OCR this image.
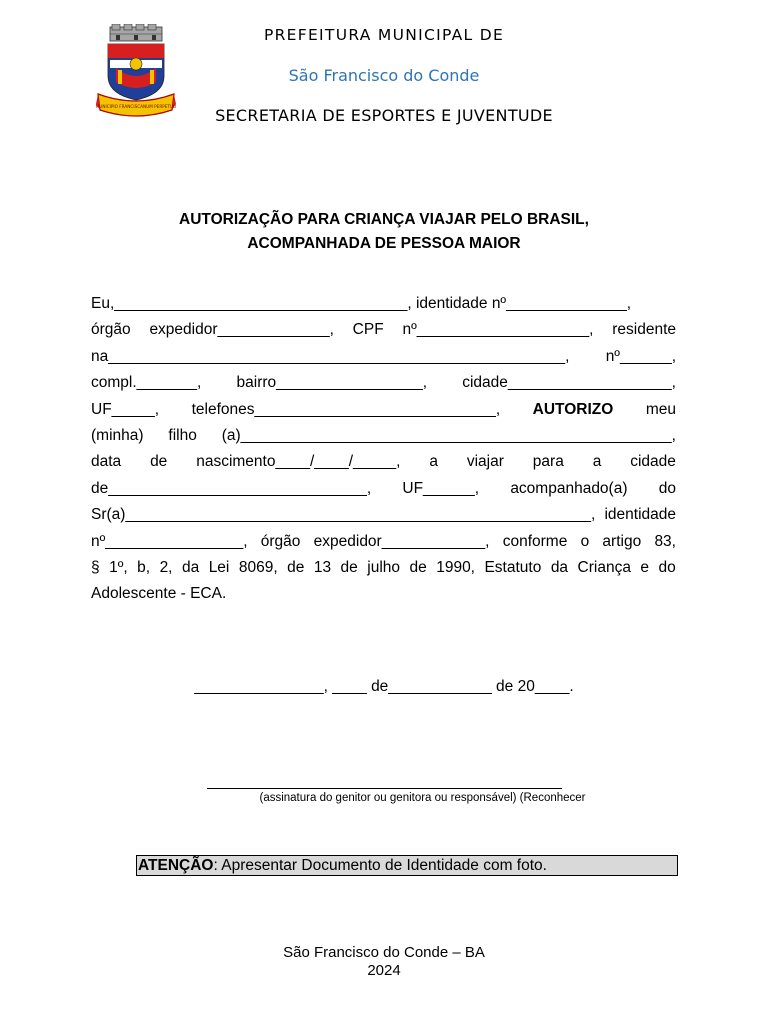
MUNICIPIO FRANCISCANUM PERPETUO
PREFEITURA MUNICIPAL DE
São Francisco do Conde
SECRETARIA DE ESPORTES E JUVENTUDE
AUTORIZAÇÃO PARA CRIANÇA VIAJAR PELO BRASIL,
ACOMPANHADA DE PESSOA MAIOR
Eu,__________________________________, identidade nº______________,
órgão expedidor_____________, CPF nº____________________, residente
na_____________________________________________________, nº______,
compl._______, bairro_________________, cidade___________________,
UF_____, telefones____________________________, AUTORIZO meu
(minha) filho (a)__________________________________________________,
data de nascimento____/____/_____, a viajar para a cidade
de______________________________, UF______, acompanhado(a) do
Sr(a)______________________________________________________, identidade
nº________________, órgão expedidor____________, conforme o artigo 83,
§ 1º, b, 2, da Lei 8069, de 13 de julho de 1990, Estatuto da Criança e do
Adolescente - ECA.
_______________, ____ de____________ de 20____.
(assinatura do genitor ou genitora ou responsável) (Reconhecer
ATENÇÃO: Apresentar Documento de Identidade com foto.
São Francisco do Conde – BA
2024
